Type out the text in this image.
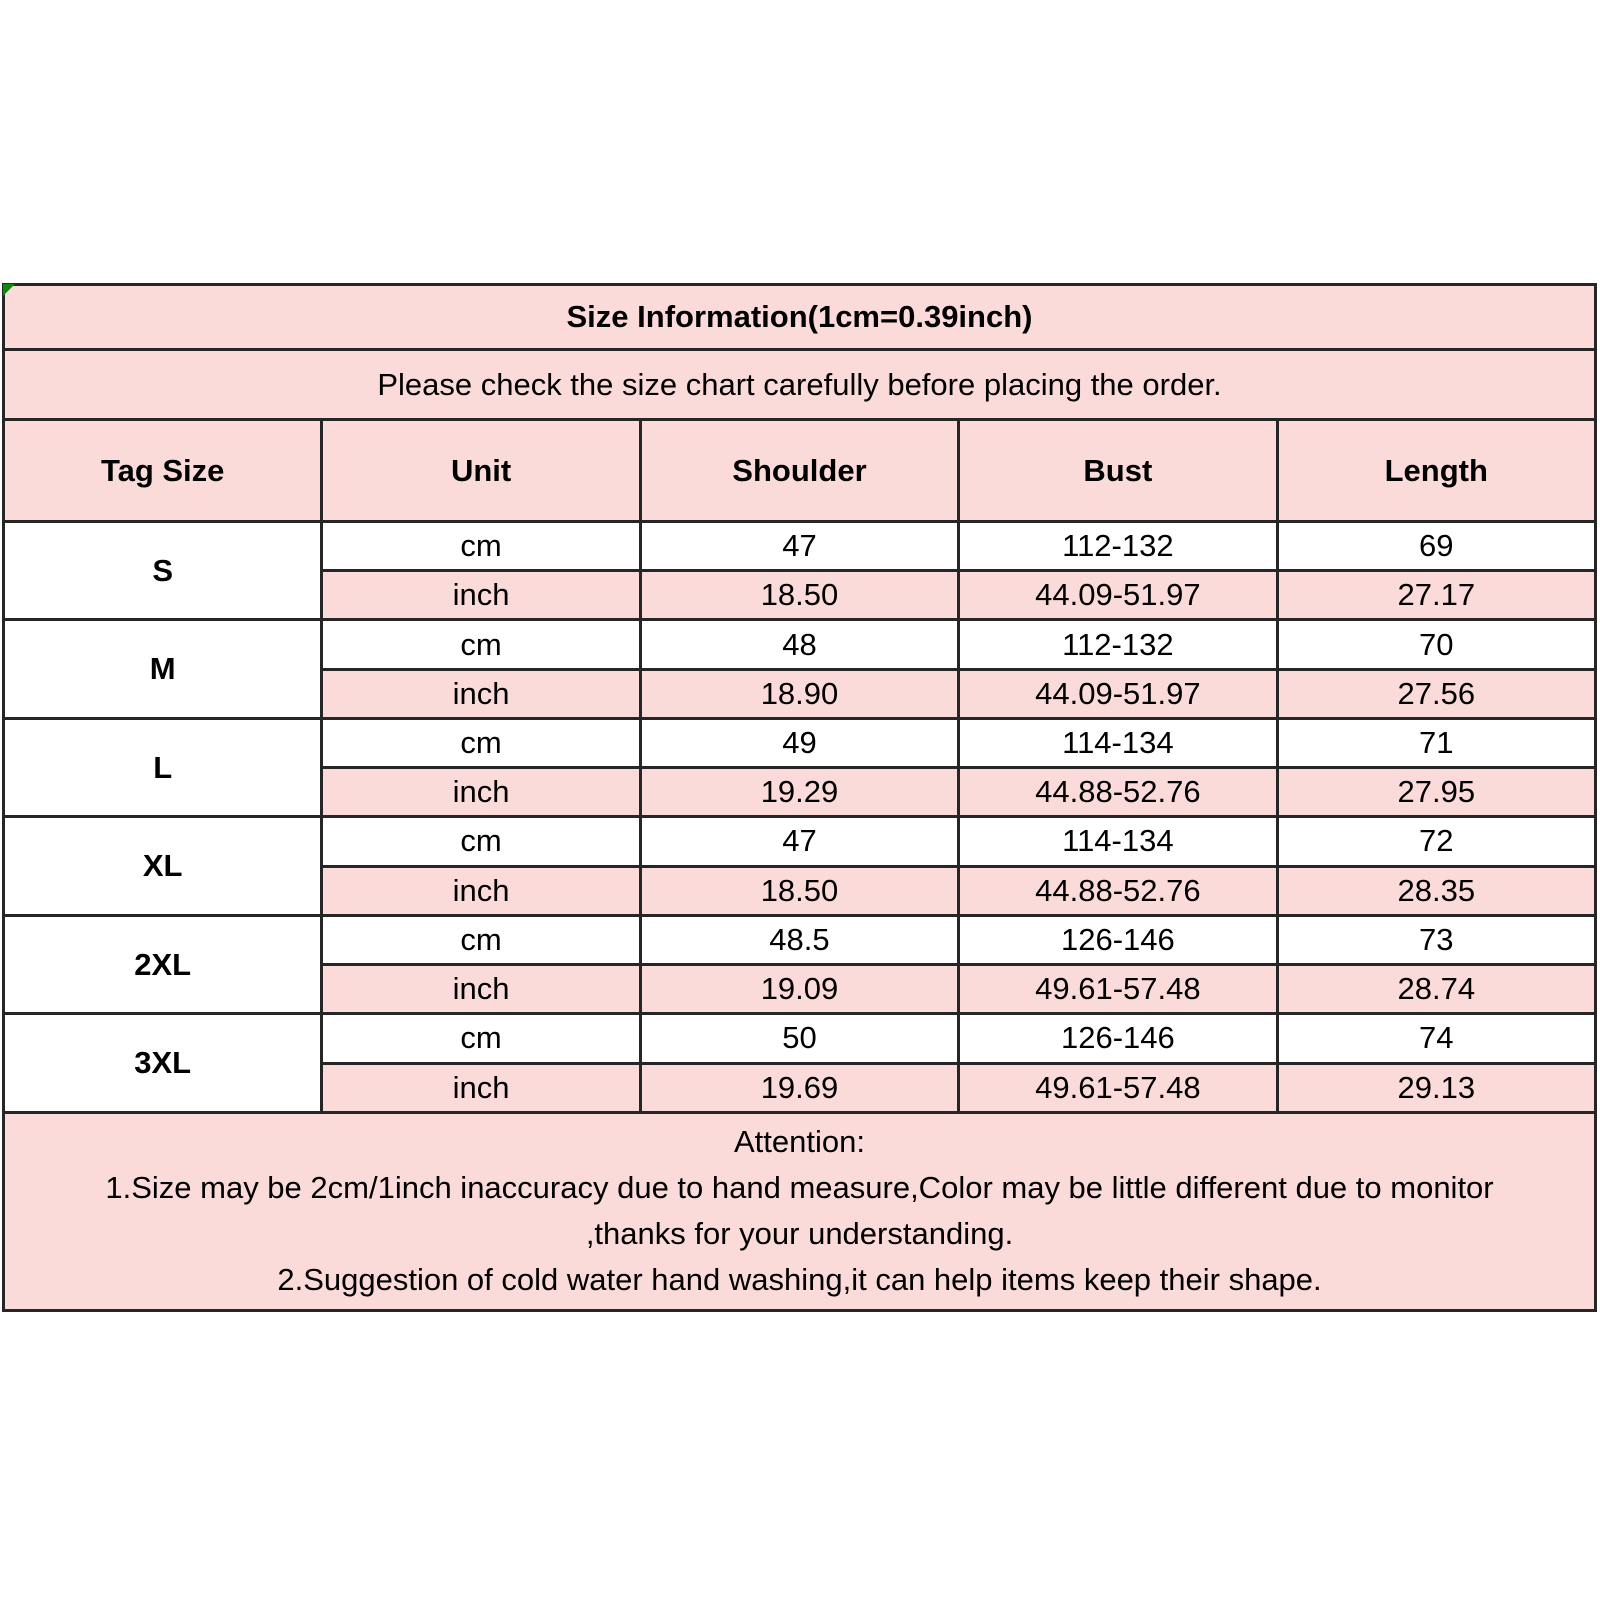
Size Information(1cm=0.39inch)				
Please check the size chart carefully before placing the order.				
Tag Size	Unit	Shoulder	Bust	Length
S	cm	47	112-132	69
	inch	18.50	44.09-51.97	27.17
M	cm	48	112-132	70
	inch	18.90	44.09-51.97	27.56
L	cm	49	114-134	71
	inch	19.29	44.88-52.76	27.95
XL	cm	47	114-134	72
	inch	18.50	44.88-52.76	28.35
2XL	cm	48.5	126-146	73
	inch	19.09	49.61-57.48	28.74
3XL	cm	50	126-146	74
	inch	19.69	49.61-57.48	29.13

Attention:
1.Size may be 2cm/1inch inaccuracy due to hand measure,Color may be little different due to monitor
,thanks for your understanding.
2.Suggestion of cold water hand washing,it can help items keep their shape.				
